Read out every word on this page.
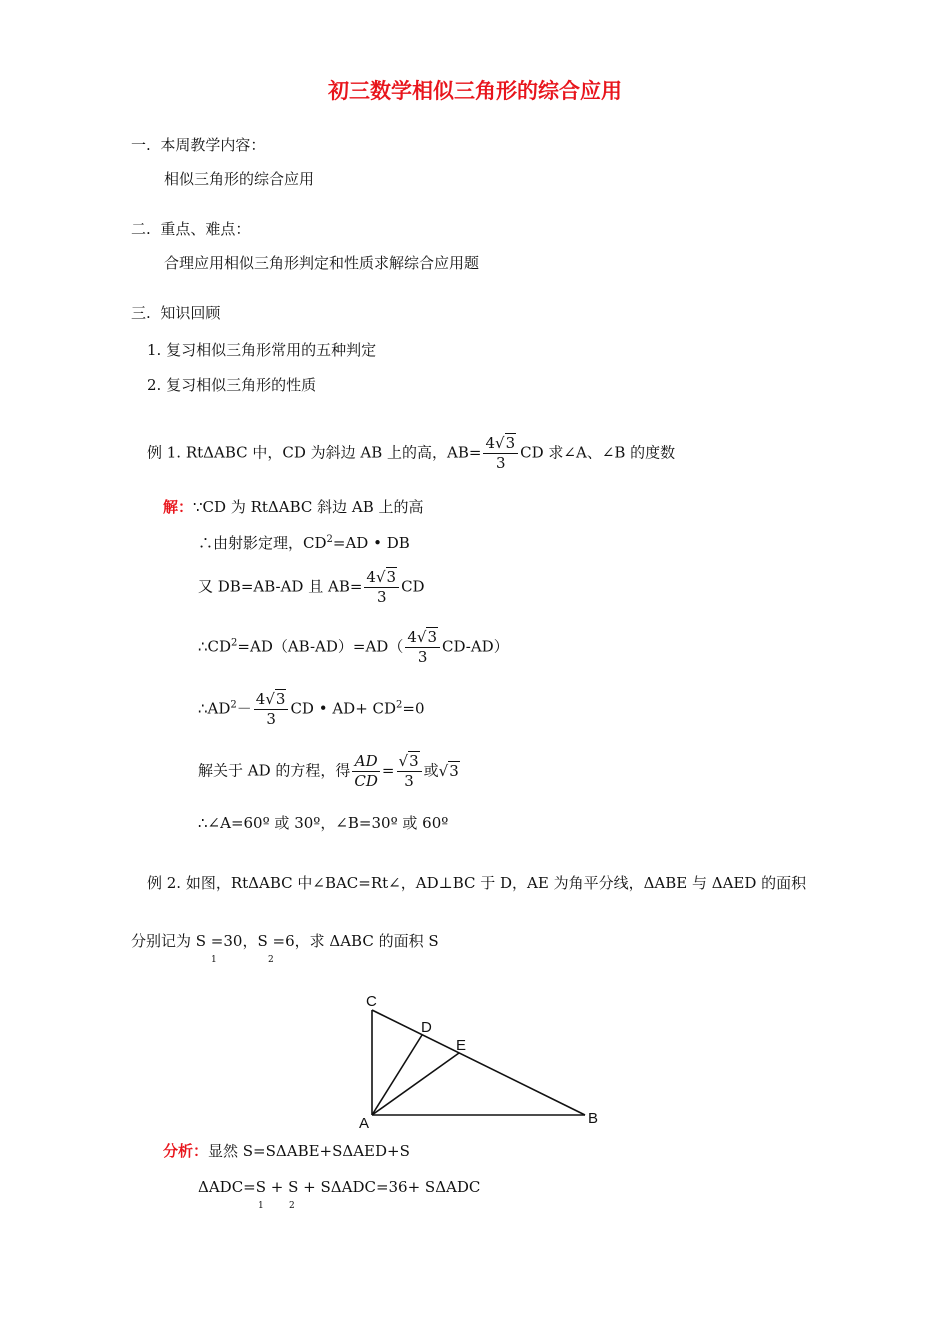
初三数学相似三角形的综合应用
一. 本周教学内容：
相似三角形的综合应用
二. 重点、难点：
合理应用相似三角形判定和性质求解综合应用题
三. 知识回顾
1. 复习相似三角形常用的五种判定
2. 复习相似三角形的性质
例 1. RtΔABC 中，CD 为斜边 AB 上的高，$AB= \frac{4√3}{3}$ CD 求∠A、∠B 的度数
解：∵CD 为 RtΔABC 斜边 AB 上的高
∴由射影定理，$CD^2=AD$ • DB
又 DB=AB-AD 且 $AB= \frac{4√3}{3}$ CD
$\therefore CD^2=AD(AB-AD)=AD( \frac{4√3}{3} CD-AD)$
$\therefore AD^2- \frac{4√3}{3}$ CD • $AD+ CD^2=0$
解关于 AD 的方程，得 $\frac{AD}{CD} = \frac{√3}{3}$ 或√3
∴∠A=60º 或 30º，∠B=30º 或 60º
例 2. 如图，RtΔABC 中∠BAC=Rt∠，AD⊥BC 于 D，AE 为角平分线，ΔABE 与 ΔAED 的面积
分别记为 S =30，S =6，求 ΔABC 的面积 S
1	2
C
D
E
A	B
分析：显然 S=SΔABE+SΔAED+S
ΔADC=S + S + SΔADC=36+ SΔADC
1	2
